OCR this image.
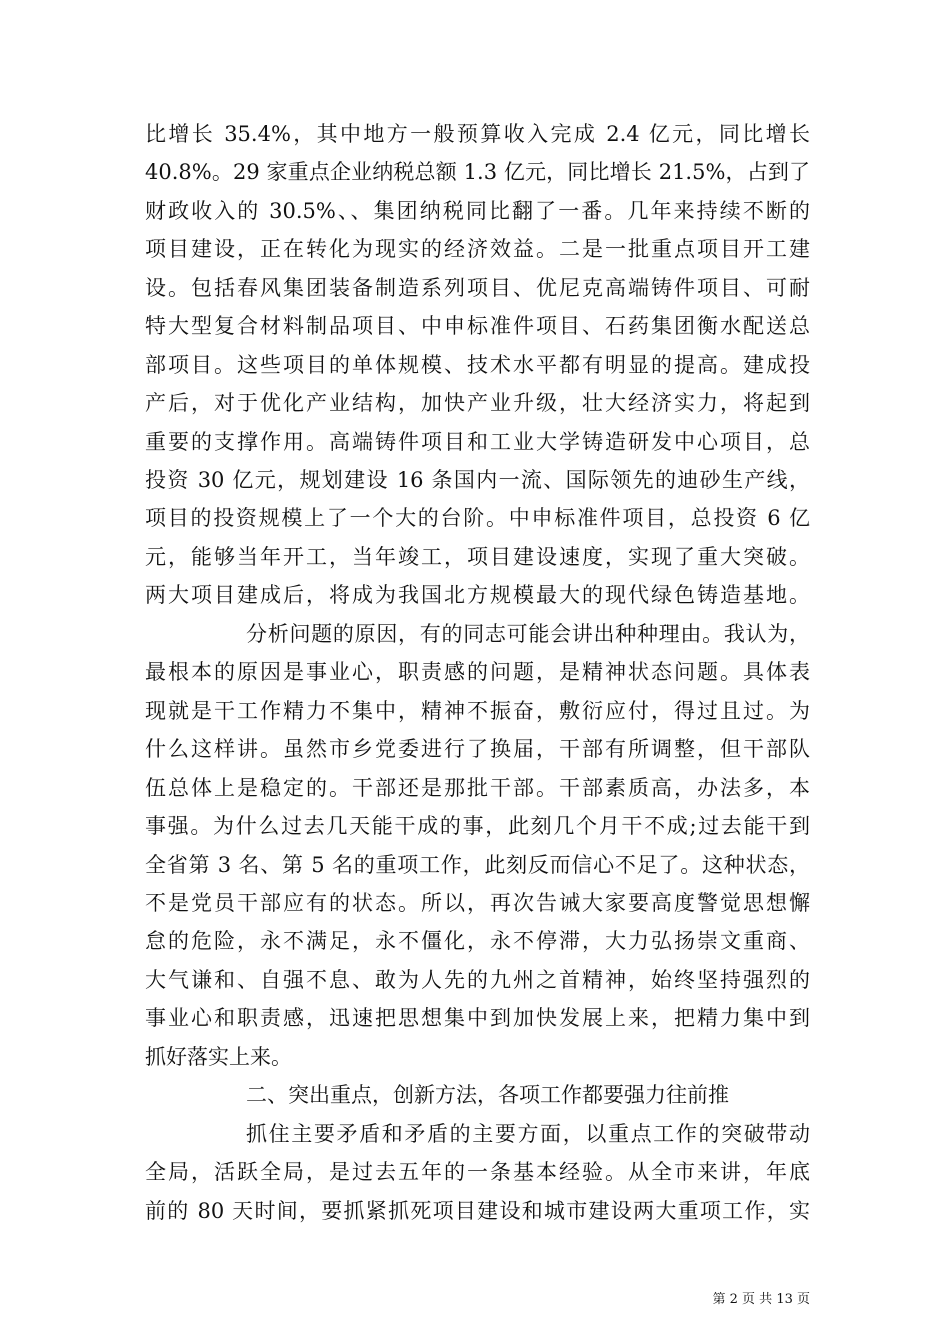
比增长 35.4%，其中地方一般预算收入完成 2.4 亿元，同比增长
40.8%。29 家重点企业纳税总额 1.3 亿元，同比增长 21.5%，占到了
财政收入的 30.5%、、集团纳税同比翻了一番。几年来持续不断的
项目建设，正在转化为现实的经济效益。二是一批重点项目开工建
设。包括春风集团装备制造系列项目、优尼克高端铸件项目、可耐
特大型复合材料制品项目、中申标准件项目、石药集团衡水配送总
部项目。这些项目的单体规模、技术水平都有明显的提高。建成投
产后，对于优化产业结构，加快产业升级，壮大经济实力，将起到
重要的支撑作用。高端铸件项目和工业大学铸造研发中心项目，总
投资 30 亿元，规划建设 16 条国内一流、国际领先的迪砂生产线，
项目的投资规模上了一个大的台阶。中申标准件项目，总投资 6 亿
元，能够当年开工，当年竣工，项目建设速度，实现了重大突破。
两大项目建成后，将成为我国北方规模最大的现代绿色铸造基地。
分析问题的原因，有的同志可能会讲出种种理由。我认为，
最根本的原因是事业心，职责感的问题，是精神状态问题。具体表
现就是干工作精力不集中，精神不振奋，敷衍应付，得过且过。为
什么这样讲。虽然市乡党委进行了换届，干部有所调整，但干部队
伍总体上是稳定的。干部还是那批干部。干部素质高，办法多，本
事强。为什么过去几天能干成的事，此刻几个月干不成;过去能干到
全省第 3 名、第 5 名的重项工作，此刻反而信心不足了。这种状态，
不是党员干部应有的状态。所以，再次告诫大家要高度警觉思想懈
怠的危险，永不满足，永不僵化，永不停滞，大力弘扬崇文重商、
大气谦和、自强不息、敢为人先的九州之首精神，始终坚持强烈的
事业心和职责感，迅速把思想集中到加快发展上来，把精力集中到
抓好落实上来。
二、突出重点，创新方法，各项工作都要强力往前推
抓住主要矛盾和矛盾的主要方面，以重点工作的突破带动
全局，活跃全局，是过去五年的一条基本经验。从全市来讲，年底
前的 80 天时间，要抓紧抓死项目建设和城市建设两大重项工作，实
第 2 页 共 13 页
